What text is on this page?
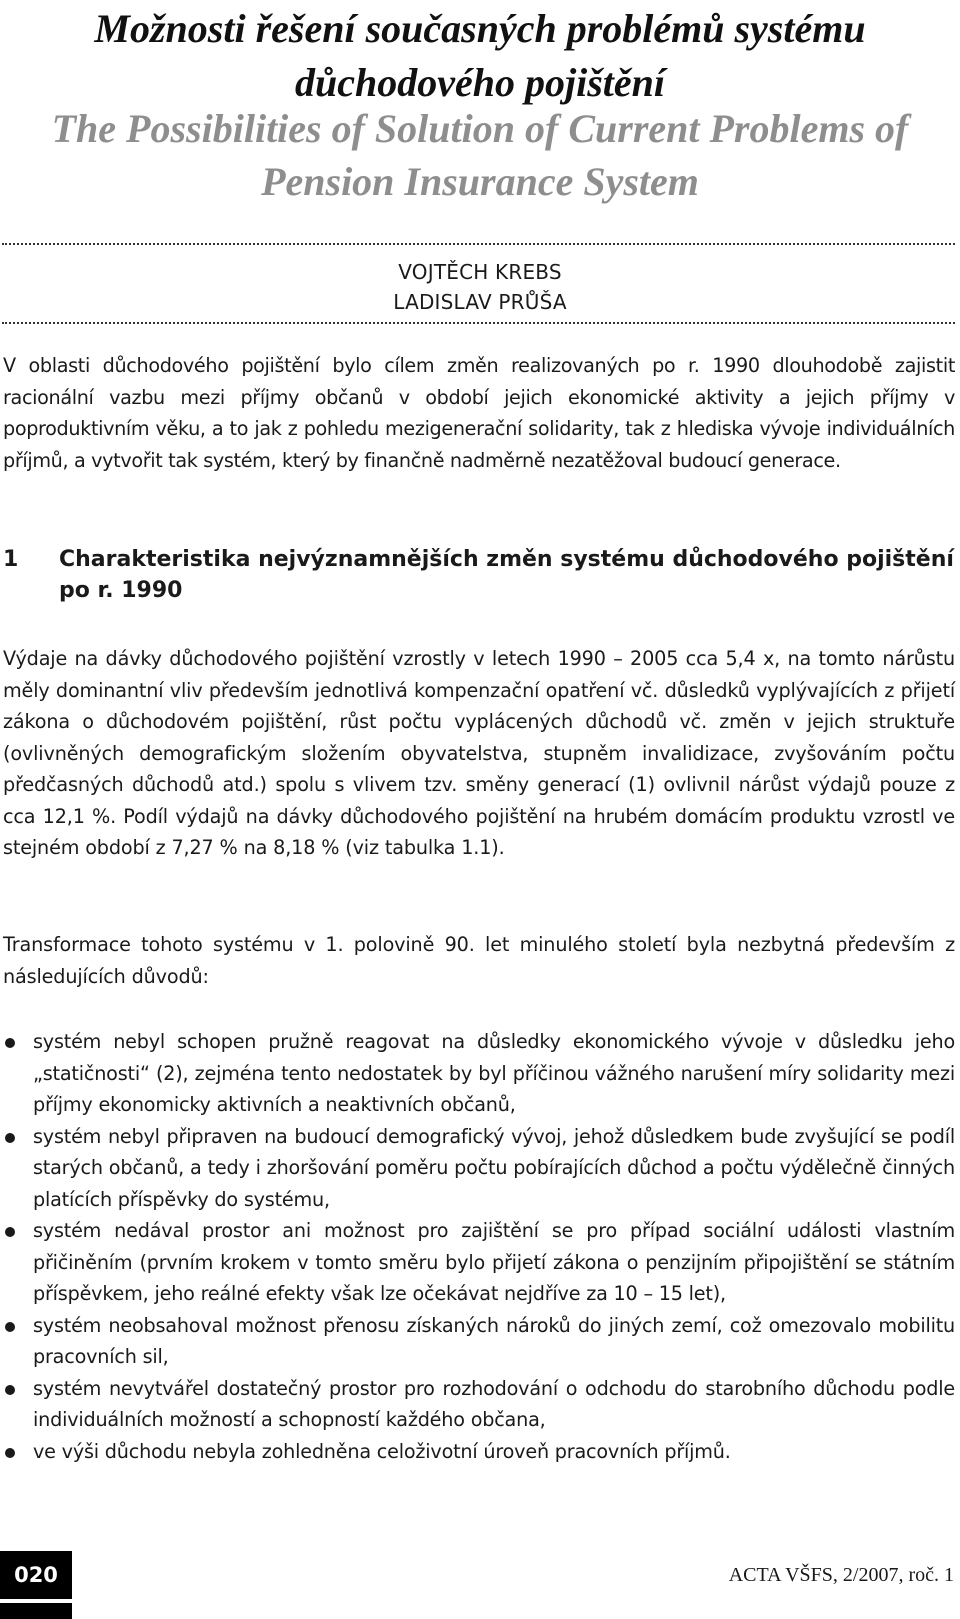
Možnosti řešení současných problémů systému důchodového pojištění
The Possibilities of Solution of Current Problems of Pension Insurance System
VOJTĚCH KREBS
LADISLAV PRŮŠA

V oblasti důchodového pojištění bylo cílem změn realizovaných po r. 1990 dlouhodobě zajistit racionální vazbu mezi příjmy občanů v období jejich ekonomické aktivity a jejich příjmy v poproduktivním věku, a to jak z pohledu mezigenerační solidarity, tak z hlediska vývoje individuálních příjmů, a vytvořit tak systém, který by finančně nadměrně nezatěžoval budoucí generace.

1	Charakteristika nejvýznamnějších změn systému důchodového pojištění po r. 1990

Výdaje na dávky důchodového pojištění vzrostly v letech 1990 – 2005 cca 5,4 x, na tomto nárůstu měly dominantní vliv především jednotlivá kompenzační opatření vč. důsledků vyplývajících z přijetí zákona o důchodovém pojištění, růst počtu vyplácených důchodů vč. změn v jejich struktuře (ovlivněných demografickým složením obyvatelstva, stupněm invalidizace, zvyšováním počtu předčasných důchodů atd.) spolu s vlivem tzv. směny generací (1) ovlivnil nárůst výdajů pouze z cca 12,1 %. Podíl výdajů na dávky důchodového pojištění na hrubém domácím produktu vzrostl ve stejném období z 7,27 % na 8,18 % (viz tabulka 1.1).

Transformace tohoto systému v 1. polovině 90. let minulého století byla nezbytná především z následujících důvodů:

systém nebyl schopen pružně reagovat na důsledky ekonomického vývoje v důsledku jeho „statičnosti“ (2), zejména tento nedostatek by byl příčinou vážného narušení míry solidarity mezi příjmy ekonomicky aktivních a neaktivních občanů,
systém nebyl připraven na budoucí demografický vývoj, jehož důsledkem bude zvyšující se podíl starých občanů, a tedy i zhoršování poměru počtu pobírajících důchod a počtu výdělečně činných platících příspěvky do systému,
systém nedával prostor ani možnost pro zajištění se pro případ sociální události vlastním přičiněním (prvním krokem v tomto směru bylo přijetí zákona o penzijním připojištění se státním příspěvkem, jeho reálné efekty však lze očekávat nejdříve za 10 – 15 let),
systém neobsahoval možnost přenosu získaných nároků do jiných zemí, což omezovalo mobilitu pracovních sil,
systém nevytvářel dostatečný prostor pro rozhodování o odchodu do starobního důchodu podle individuálních možností a schopností každého občana,
ve výši důchodu nebyla zohledněna celoživotní úroveň pracovních příjmů.
020	ACTA VŠFS, 2/2007, roč. 1
